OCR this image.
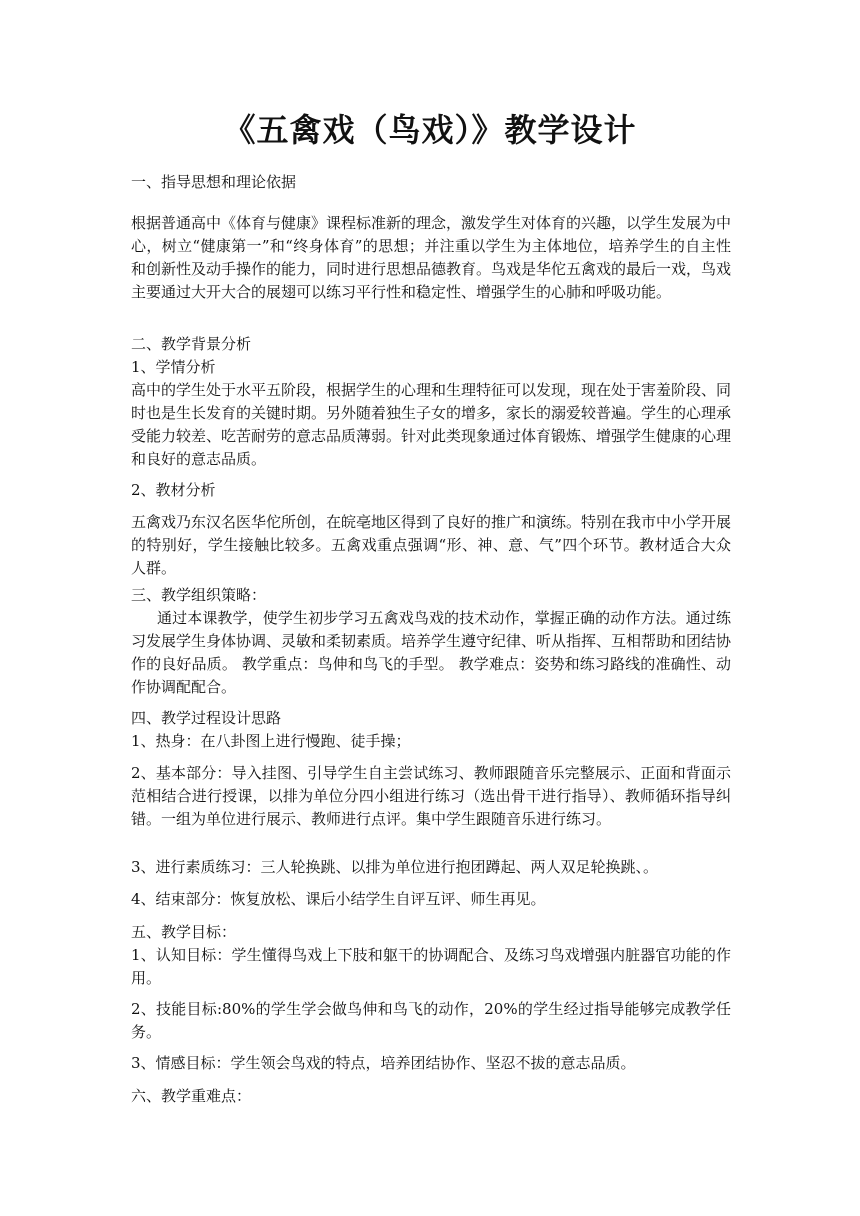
《五禽戏（鸟戏）》教学设计
一、指导思想和理论依据
根据普通高中《体育与健康》课程标准新的理念，激发学生对体育的兴趣，以学生发展为中心，树立“健康第一”和“终身体育”的思想；并注重以学生为主体地位，培养学生的自主性和创新性及动手操作的能力，同时进行思想品德教育。鸟戏是华佗五禽戏的最后一戏，鸟戏主要通过大开大合的展翅可以练习平行性和稳定性、增强学生的心肺和呼吸功能。
二、教学背景分析
1、学情分析
高中的学生处于水平五阶段，根据学生的心理和生理特征可以发现，现在处于害羞阶段、同时也是生长发育的关键时期。另外随着独生子女的增多，家长的溺爱较普遍。学生的心理承受能力较差、吃苦耐劳的意志品质薄弱。针对此类现象通过体育锻炼、增强学生健康的心理和良好的意志品质。
2、教材分析
五禽戏乃东汉名医华佗所创，在皖亳地区得到了良好的推广和演练。特别在我市中小学开展的特别好，学生接触比较多。五禽戏重点强调“形、神、意、气”四个环节。教材适合大众人群。
三、教学组织策略：
通过本课教学，使学生初步学习五禽戏鸟戏的技术动作，掌握正确的动作方法。通过练习发展学生身体协调、灵敏和柔韧素质。培养学生遵守纪律、听从指挥、互相帮助和团结协作的良好品质。 教学重点：鸟伸和鸟飞的手型。 教学难点：姿势和练习路线的准确性、动作协调配配合。
四、教学过程设计思路
1、热身：在八卦图上进行慢跑、徒手操；
2、基本部分：导入挂图、引导学生自主尝试练习、教师跟随音乐完整展示、正面和背面示范相结合进行授课，以排为单位分四小组进行练习（选出骨干进行指导）、教师循环指导纠错。一组为单位进行展示、教师进行点评。集中学生跟随音乐进行练习。
3、进行素质练习：三人轮换跳、以排为单位进行抱团蹲起、两人双足轮换跳、。
4、结束部分：恢复放松、课后小结学生自评互评、师生再见。
五、教学目标：
1、认知目标：学生懂得鸟戏上下肢和躯干的协调配合、及练习鸟戏增强内脏器官功能的作用。
2、技能目标:80%的学生学会做鸟伸和鸟飞的动作，20%的学生经过指导能够完成教学任务。
3、情感目标：学生领会鸟戏的特点，培养团结协作、坚忍不拔的意志品质。
六、教学重难点：
